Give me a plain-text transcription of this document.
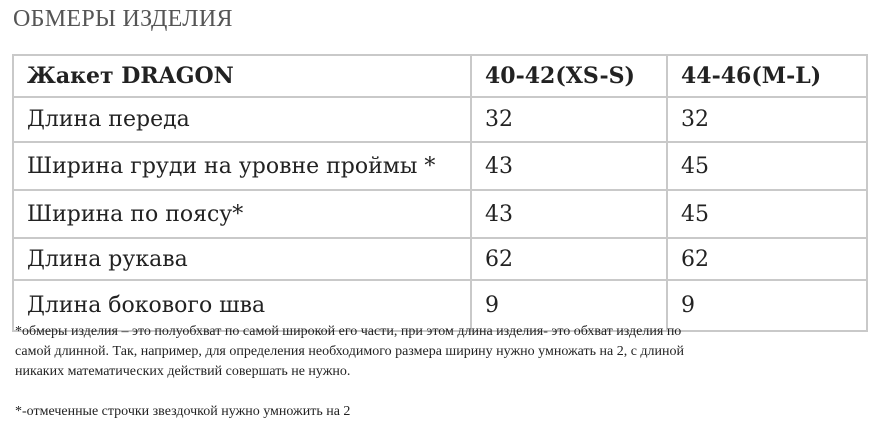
ОБМЕРЫ ИЗДЕЛИЯ
Жакет DRAGON	40-42(XS-S)	44-46(M-L)
Длина переда	32	32
Ширина груди на уровне проймы *	43	45
Ширина по поясу*	43	45
Длина рукава	62	62
Длина бокового шва	9	9

*обмеры изделия – это полуобхват по самой широкой его части, при этом длина изделия- это обхват изделия по

самой длинной. Так, например, для определения необходимого размера ширину нужно умножать на 2, с длиной

никаких математических действий совершать не нужно.

*-отмеченные строчки звездочкой нужно умножить на 2
